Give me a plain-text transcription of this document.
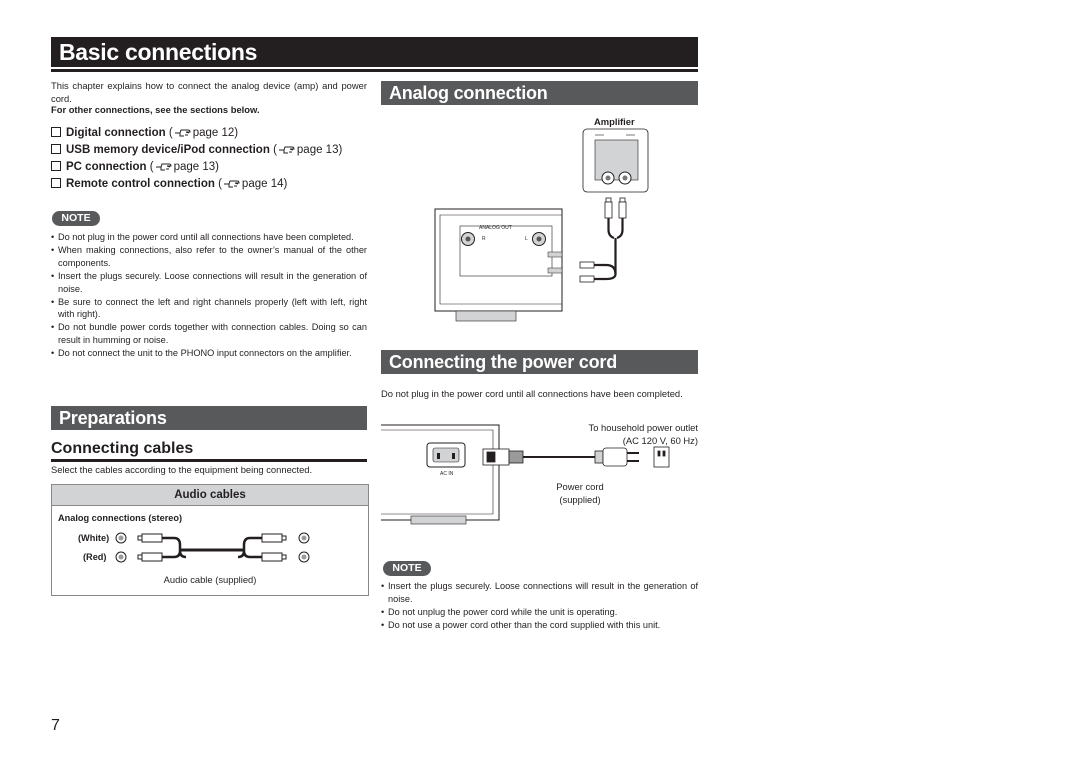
Basic connections
This chapter explains how to connect the analog device (amp) and power cord.
For other connections, see the sections below.
Digital connection ( page 12)
USB memory device/iPod connection ( page 13)
PC connection ( page 13)
Remote control connection ( page 14)
NOTE
• Do not plug in the power cord until all connections have been completed.
• When making connections, also refer to the owner’s manual of the other components.
• Insert the plugs securely. Loose connections will result in the generation of noise.
• Be sure to connect the left and right channels properly (left with left, right with right).
• Do not bundle power cords together with connection cables. Doing so can result in humming or noise.
• Do not connect the unit to the PHONO input connectors on the amplifier.
Preparations
Connecting cables
Select the cables according to the equipment being connected.
Audio cables
Analog connections (stereo)
(White)
(Red)
Audio cable (supplied)
Analog connection
Amplifier
ANALOG OUT
R	L
Connecting the power cord
Do not plug in the power cord until all connections have been completed.
To household power outlet
(AC 120 V, 60 Hz)
Power cord
(supplied)
AC IN
NOTE
• Insert the plugs securely. Loose connections will result in the generation of noise.
• Do not unplug the power cord while the unit is operating.
• Do not use a power cord other than the cord supplied with this unit.
7
